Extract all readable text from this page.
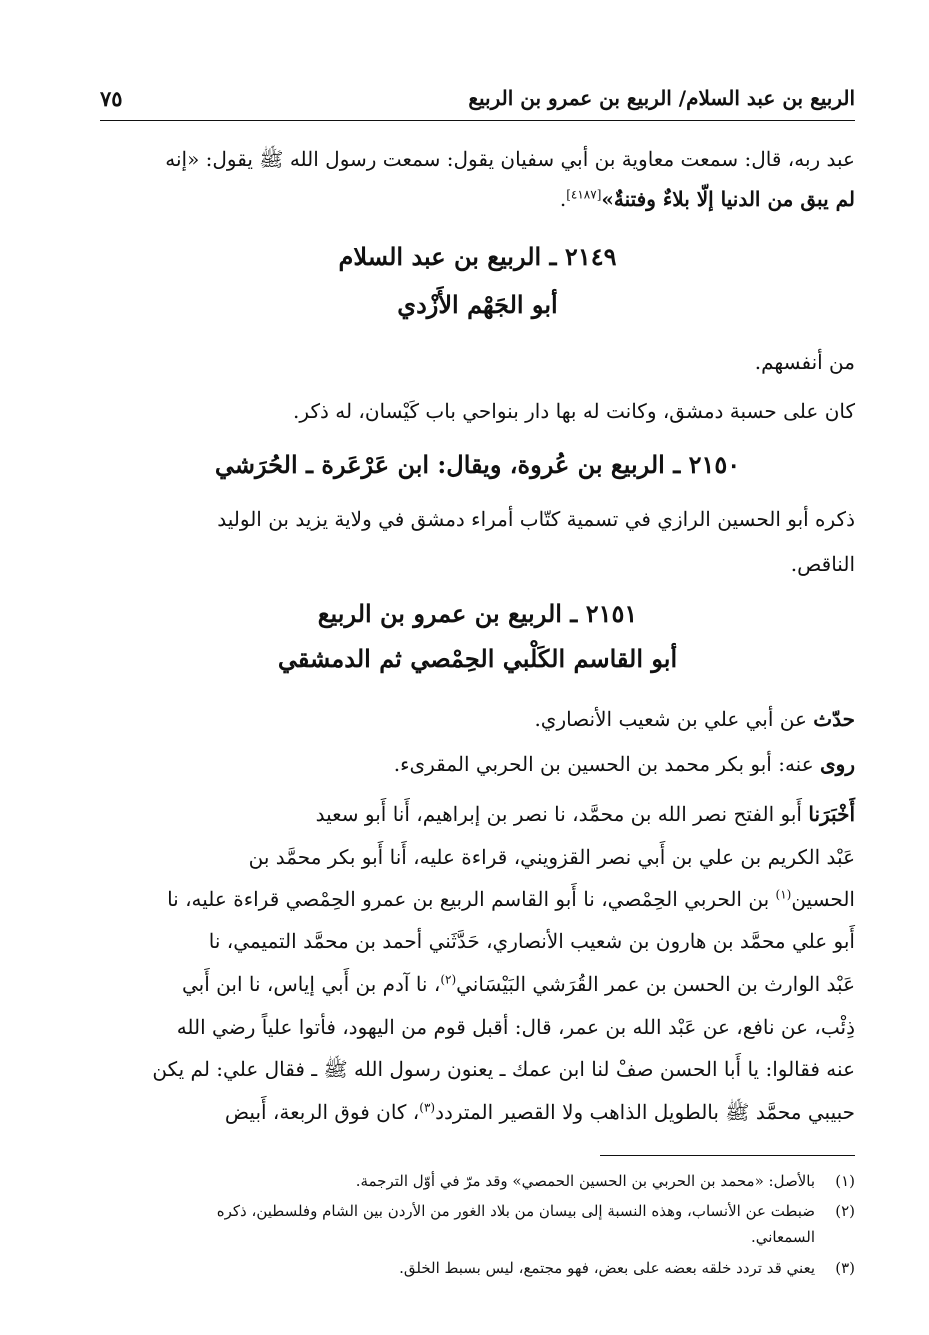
الربيع بن عبد السلام/ الربيع بن عمرو بن الربيع
٧٥
عبد ربه، قال: سمعت معاوية بن أبي سفيان يقول: سمعت رسول الله ﷺ يقول: «إنه
لم يبق من الدنيا إلّا بلاءٌ وفتنةٌ»[٤١٨٧].
٢١٤٩ ـ الربيع بن عبد السلام
أبو الجَهْم الأَزْدي
من أنفسهم.
كان على حسبة دمشق، وكانت له بها دار بنواحي باب كَيْسان، له ذكر.
٢١٥٠ ـ الربيع بن عُروة، ويقال: ابن عَرْعَرة ـ الحُرَشي
ذكره أبو الحسين الرازي في تسمية كتّاب أمراء دمشق في ولاية يزيد بن الوليد
الناقص.
٢١٥١ ـ الربيع بن عمرو بن الربيع
أبو القاسم الكَلْبي الحِمْصي ثم الدمشقي
حدّث عن أبي علي بن شعيب الأنصاري.
روى عنه: أبو بكر محمد بن الحسين بن الحربي المقرىء.
أَخْبَرَنا أَبو الفتح نصر الله بن محمَّد، نا نصر بن إبراهيم، أَنا أَبو سعيد
عَبْد الكريم بن علي بن أَبي نصر القزويني، قراءة عليه، أَنا أَبو بكر محمَّد بن
الحسين$^{(١)}$ بن الحربي الحِمْصي، نا أَبو القاسم الربيع بن عمرو الحِمْصي قراءة عليه، نا
أَبو علي محمَّد بن هارون بن شعيب الأنصاري، حَدَّثَني أحمد بن محمَّد التميمي، نا
عَبْد الوارث بن الحسن بن عمر القُرَشي البَيْسَاني$^{(٢)}$، نا آدم بن أَبي إياس، نا ابن أَبي
ذِئْب، عن نافع، عن عَبْد الله بن عمر، قال: أقبل قوم من اليهود، فأتوا علياً رضي الله
عنه فقالوا: يا أَبا الحسن صفْ لنا ابن عمك ـ يعنون رسول الله ﷺ ـ فقال علي: لم يكن
حبيبي محمَّد ﷺ بالطويل الذاهب ولا القصير المتردد$^{(٣)}$، كان فوق الربعة، أَبيض
(١)بالأصل: «محمد بن الحربي بن الحسين الحمصي» وقد مرّ في أوّل الترجمة.
(٢)ضبطت عن الأنساب، وهذه النسبة إلى بيسان من بلاد الغور من الأردن بين الشام وفلسطين، ذكره
السمعاني.
(٣)يعني قد تردد خلقه بعضه على بعض، فهو مجتمع، ليس بسبط الخلق.
